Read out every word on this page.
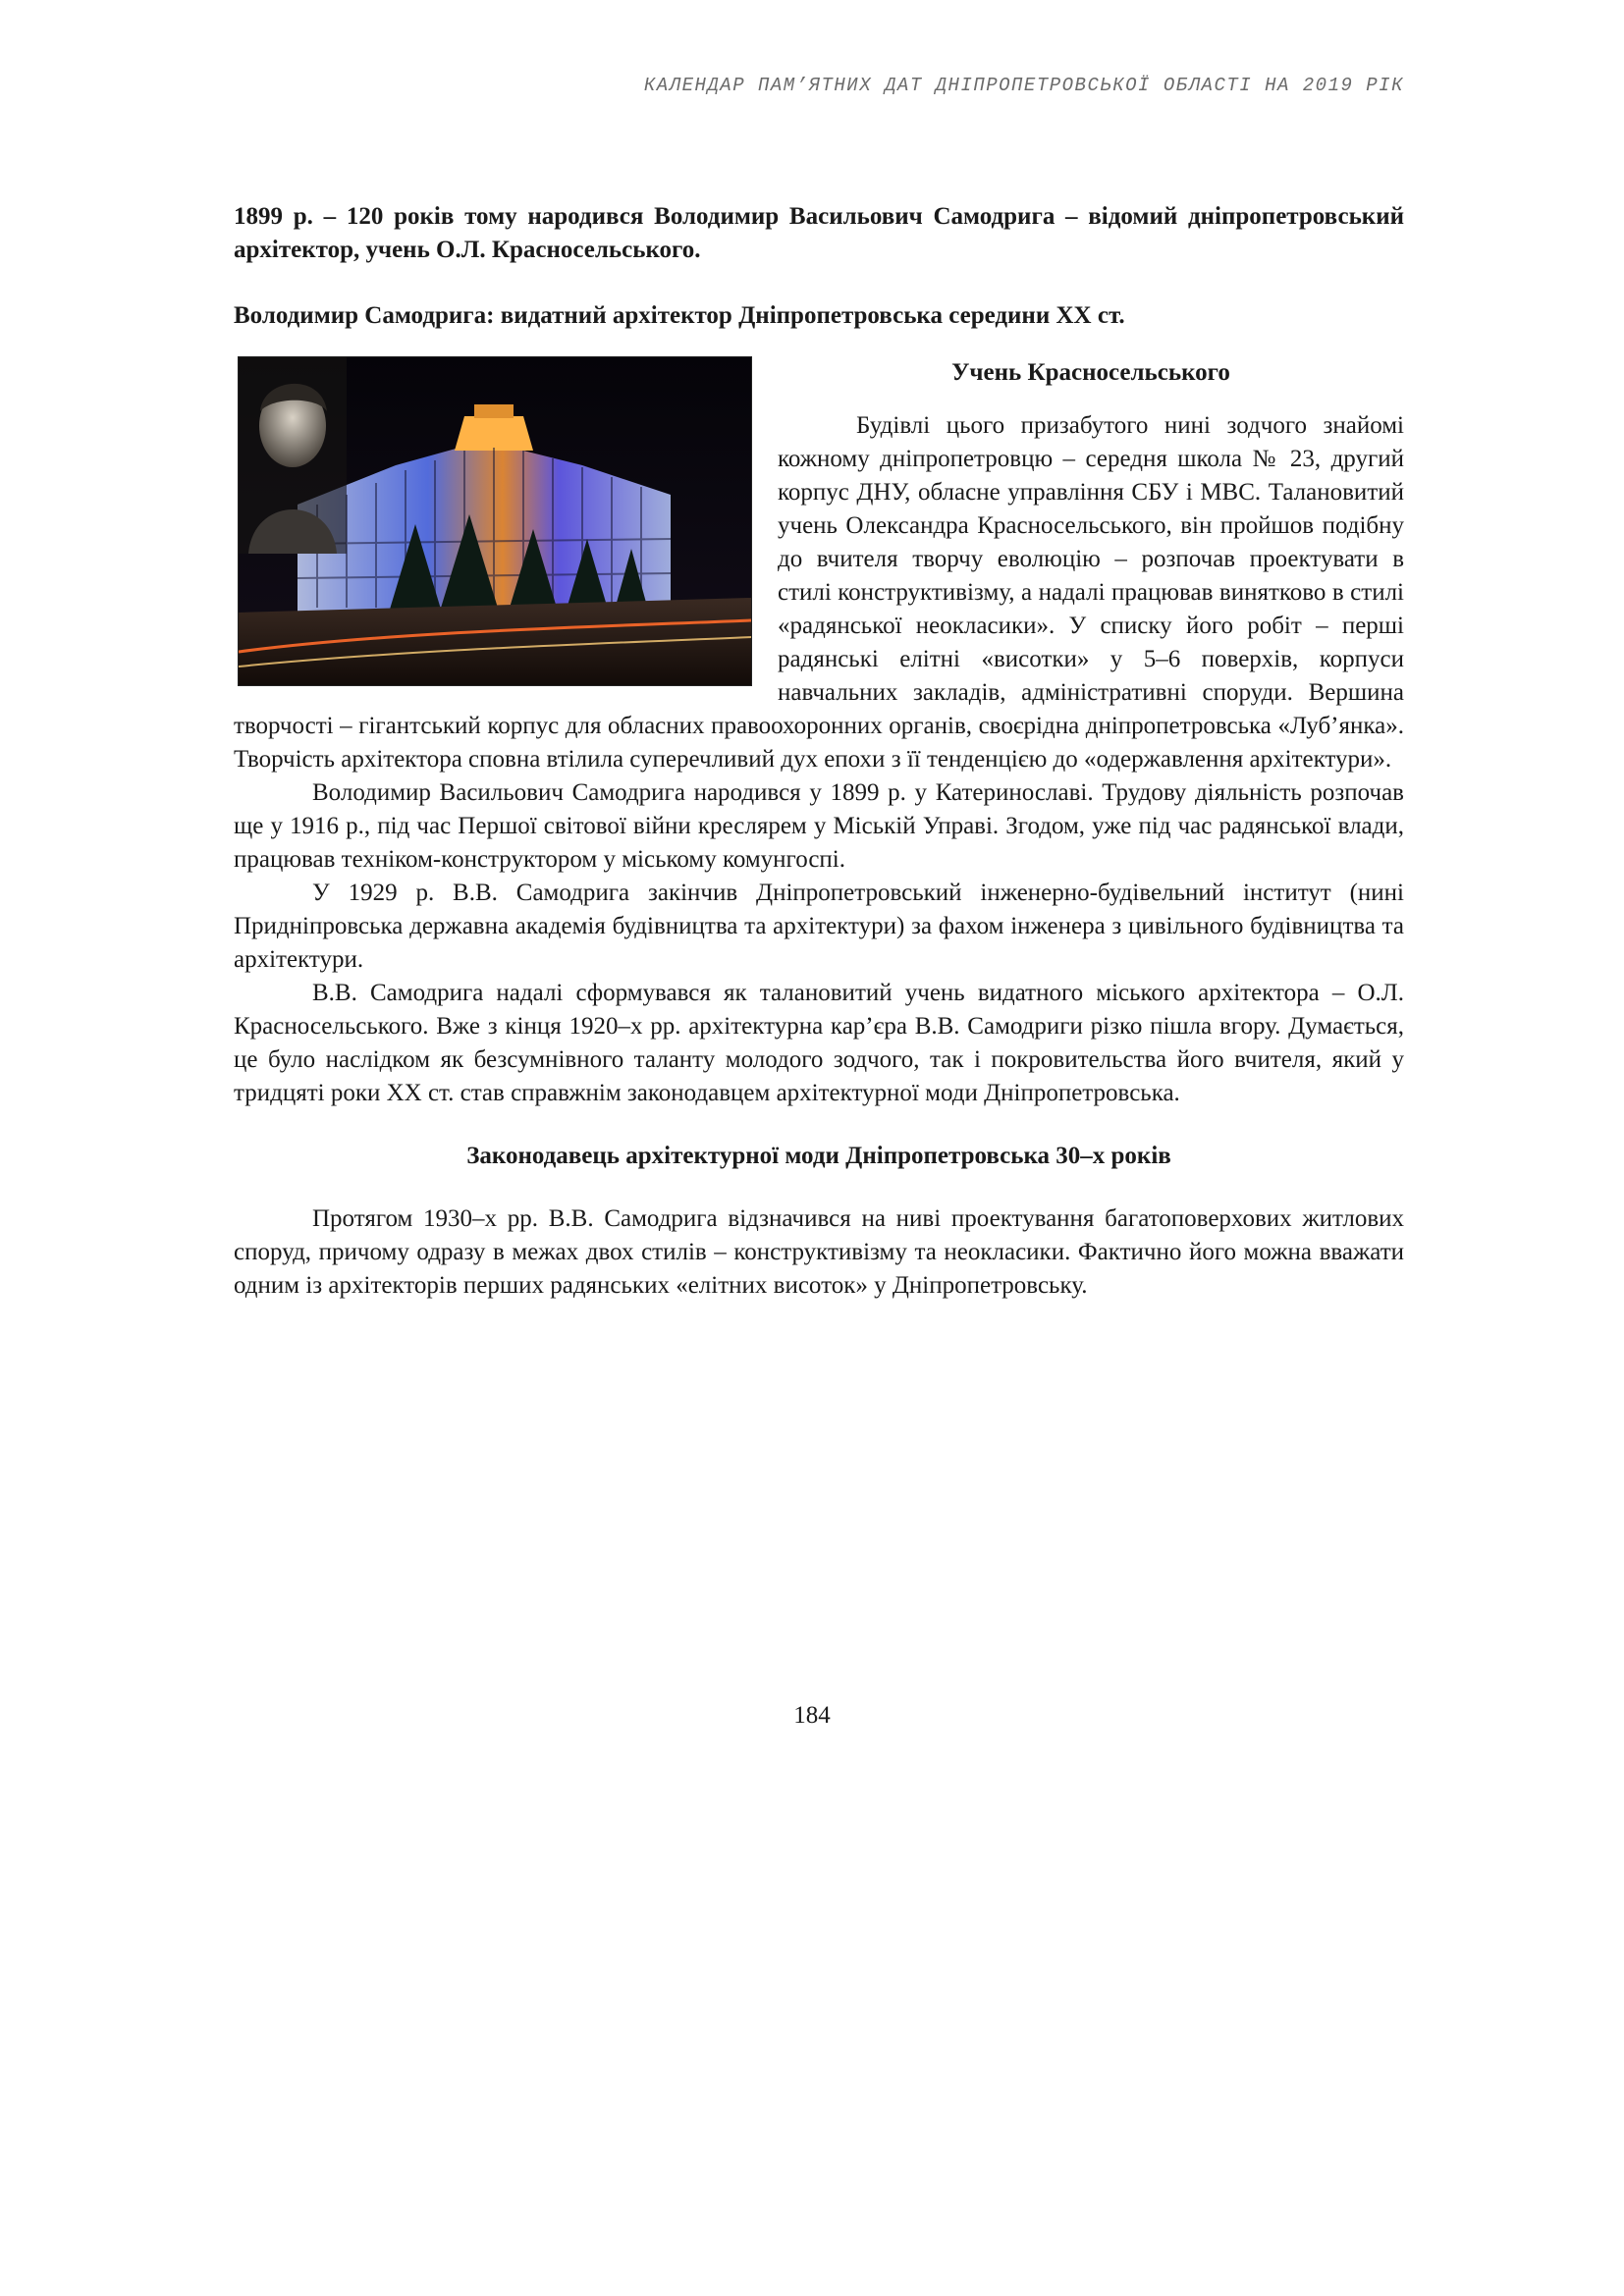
КАЛЕНДАР ПАМ’ЯТНИХ ДАТ ДНІПРОПЕТРОВСЬКОЇ ОБЛАСТІ НА 2019 РІК

1899 р. – 120 років тому народився Володимир Васильович Самодрига – відомий дніпропетровський архітектор, учень О.Л. Красносельського.

Володимир Самодрига: видатний архітектор Дніпропетровська середини ХХ ст.

Учень Красносельського

Будівлі цього призабутого нині зодчого знайомі кожному дніпропетровцю – середня школа № 23, другий корпус ДНУ, обласне управління СБУ і МВС. Талановитий учень Олександра Красносельського, він пройшов подібну до вчителя творчу еволюцію – розпочав проектувати в стилі конструктивізму, а надалі працював винятково в стилі «радянської неокласики». У списку його робіт – перші радянські елітні «висотки» у 5–6 поверхів, корпуси навчальних закладів, адміністративні споруди. Вершина творчості – гігантський корпус для обласних правоохоронних органів, своєрідна дніпропетровська «Луб’янка». Творчість архітектора сповна втілила суперечливий дух епохи з її тенденцією до «одержавлення архітектури».

Володимир Васильович Самодрига народився у 1899 р. у Катеринославі. Трудову діяльність розпочав ще у 1916 р., під час Першої світової війни креслярем у Міській Управі. Згодом, уже під час радянської влади, працював техніком-конструктором у міському комунгоспі.

У 1929 р. В.В. Самодрига закінчив Дніпропетровський інженерно-будівельний інститут (нині Придніпровська державна академія будівництва та архітектури) за фахом інженера з цивільного будівництва та архітектури.

В.В. Самодрига надалі сформувався як талановитий учень видатного міського архітектора – О.Л. Красносельського. Вже з кінця 1920–х рр. архітектурна кар’єра В.В. Самодриги різко пішла вгору. Думається, це було наслідком як безсумнівного таланту молодого зодчого, так і покровительства його вчителя, який у тридцяті роки ХХ ст. став справжнім законодавцем архітектурної моди Дніпропетровська.

Законодавець архітектурної моди Дніпропетровська 30–х років

Протягом 1930–х рр. В.В. Самодрига відзначився на ниві проектування багатоповерхових житлових споруд, причому одразу в межах двох стилів – конструктивізму та неокласики. Фактично його можна вважати одним із архітекторів перших радянських «елітних висоток» у Дніпропетровську.

184
